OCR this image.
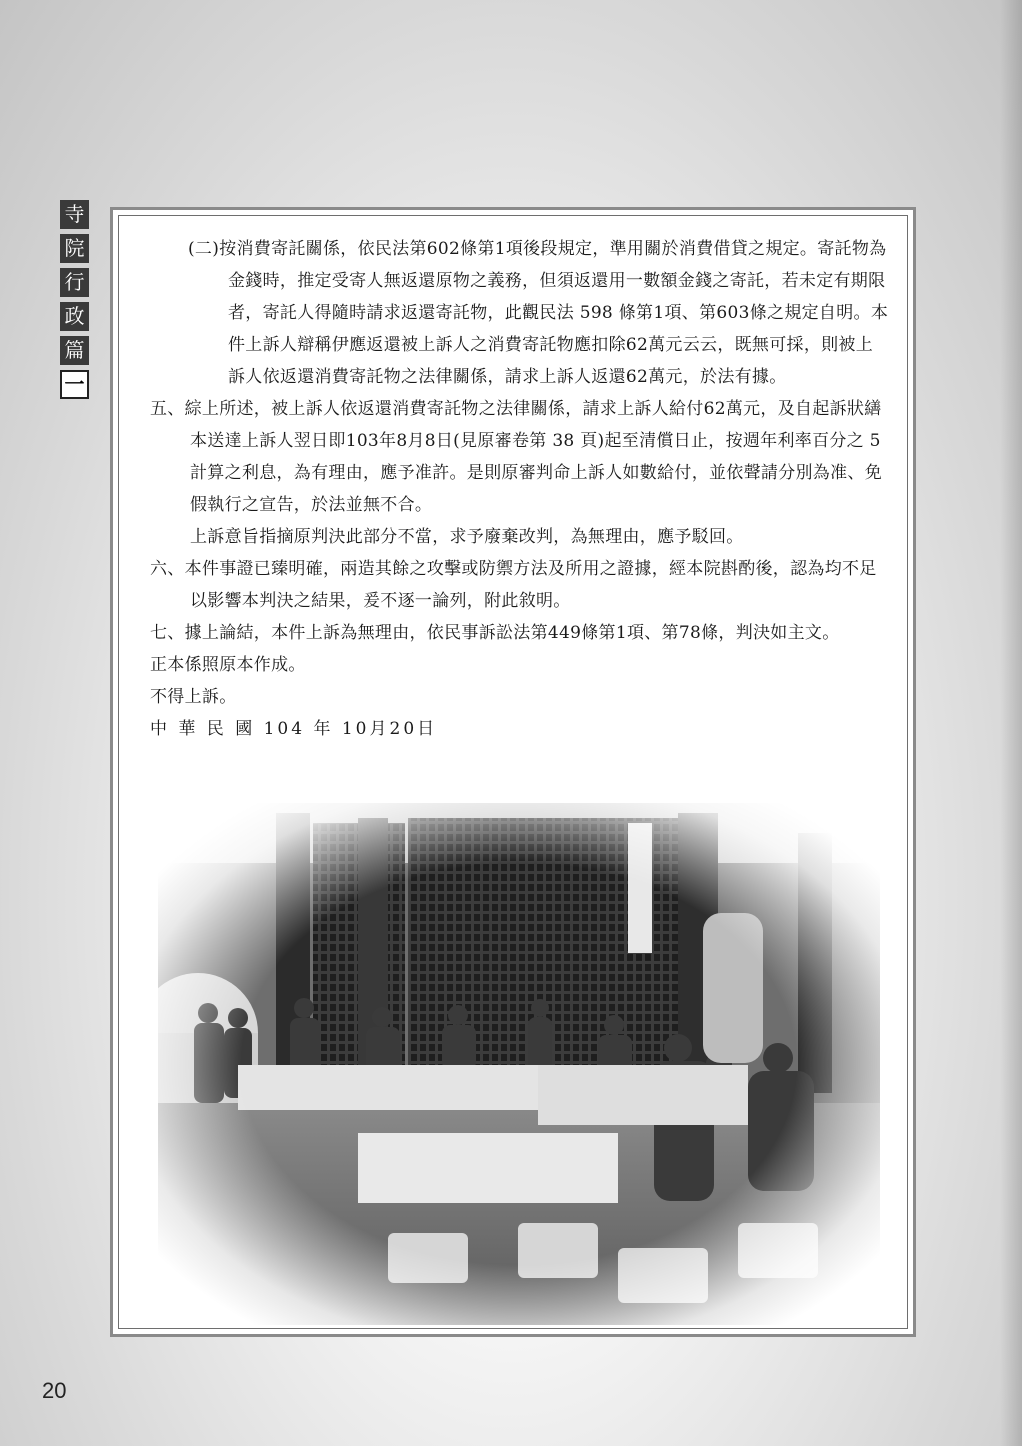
寺
院
行
政
篇
一

(二)按消費寄託關係，依民法第602條第1項後段規定，準用關於消費借貸之規定。寄託物為金錢時，推定受寄人無返還原物之義務，但須返還用一數額金錢之寄託，若未定有期限者，寄託人得隨時請求返還寄託物，此觀民法 598 條第1項、第603條之規定自明。本件上訴人辯稱伊應返還被上訴人之消費寄託物應扣除62萬元云云，既無可採，則被上訴人依返還消費寄託物之法律關係，請求上訴人返還62萬元，於法有據。

五、綜上所述，被上訴人依返還消費寄託物之法律關係，請求上訴人給付62萬元，及自起訴狀繕本送達上訴人翌日即103年8月8日(見原審卷第 38 頁)起至清償日止，按週年利率百分之 5 計算之利息，為有理由，應予准許。是則原審判命上訴人如數給付，並依聲請分別為准、免假執行之宣告，於法並無不合。

上訴意旨指摘原判決此部分不當，求予廢棄改判，為無理由，應予駁回。

六、本件事證已臻明確，兩造其餘之攻擊或防禦方法及所用之證據，經本院斟酌後，認為均不足以影響本判決之結果，爰不逐一論列，附此敘明。

七、據上論結，本件上訴為無理由，依民事訴訟法第449條第1項、第78條，判決如主文。

正本係照原本作成。

不得上訴。

中 華 民 國 104 年 10月20日

20
